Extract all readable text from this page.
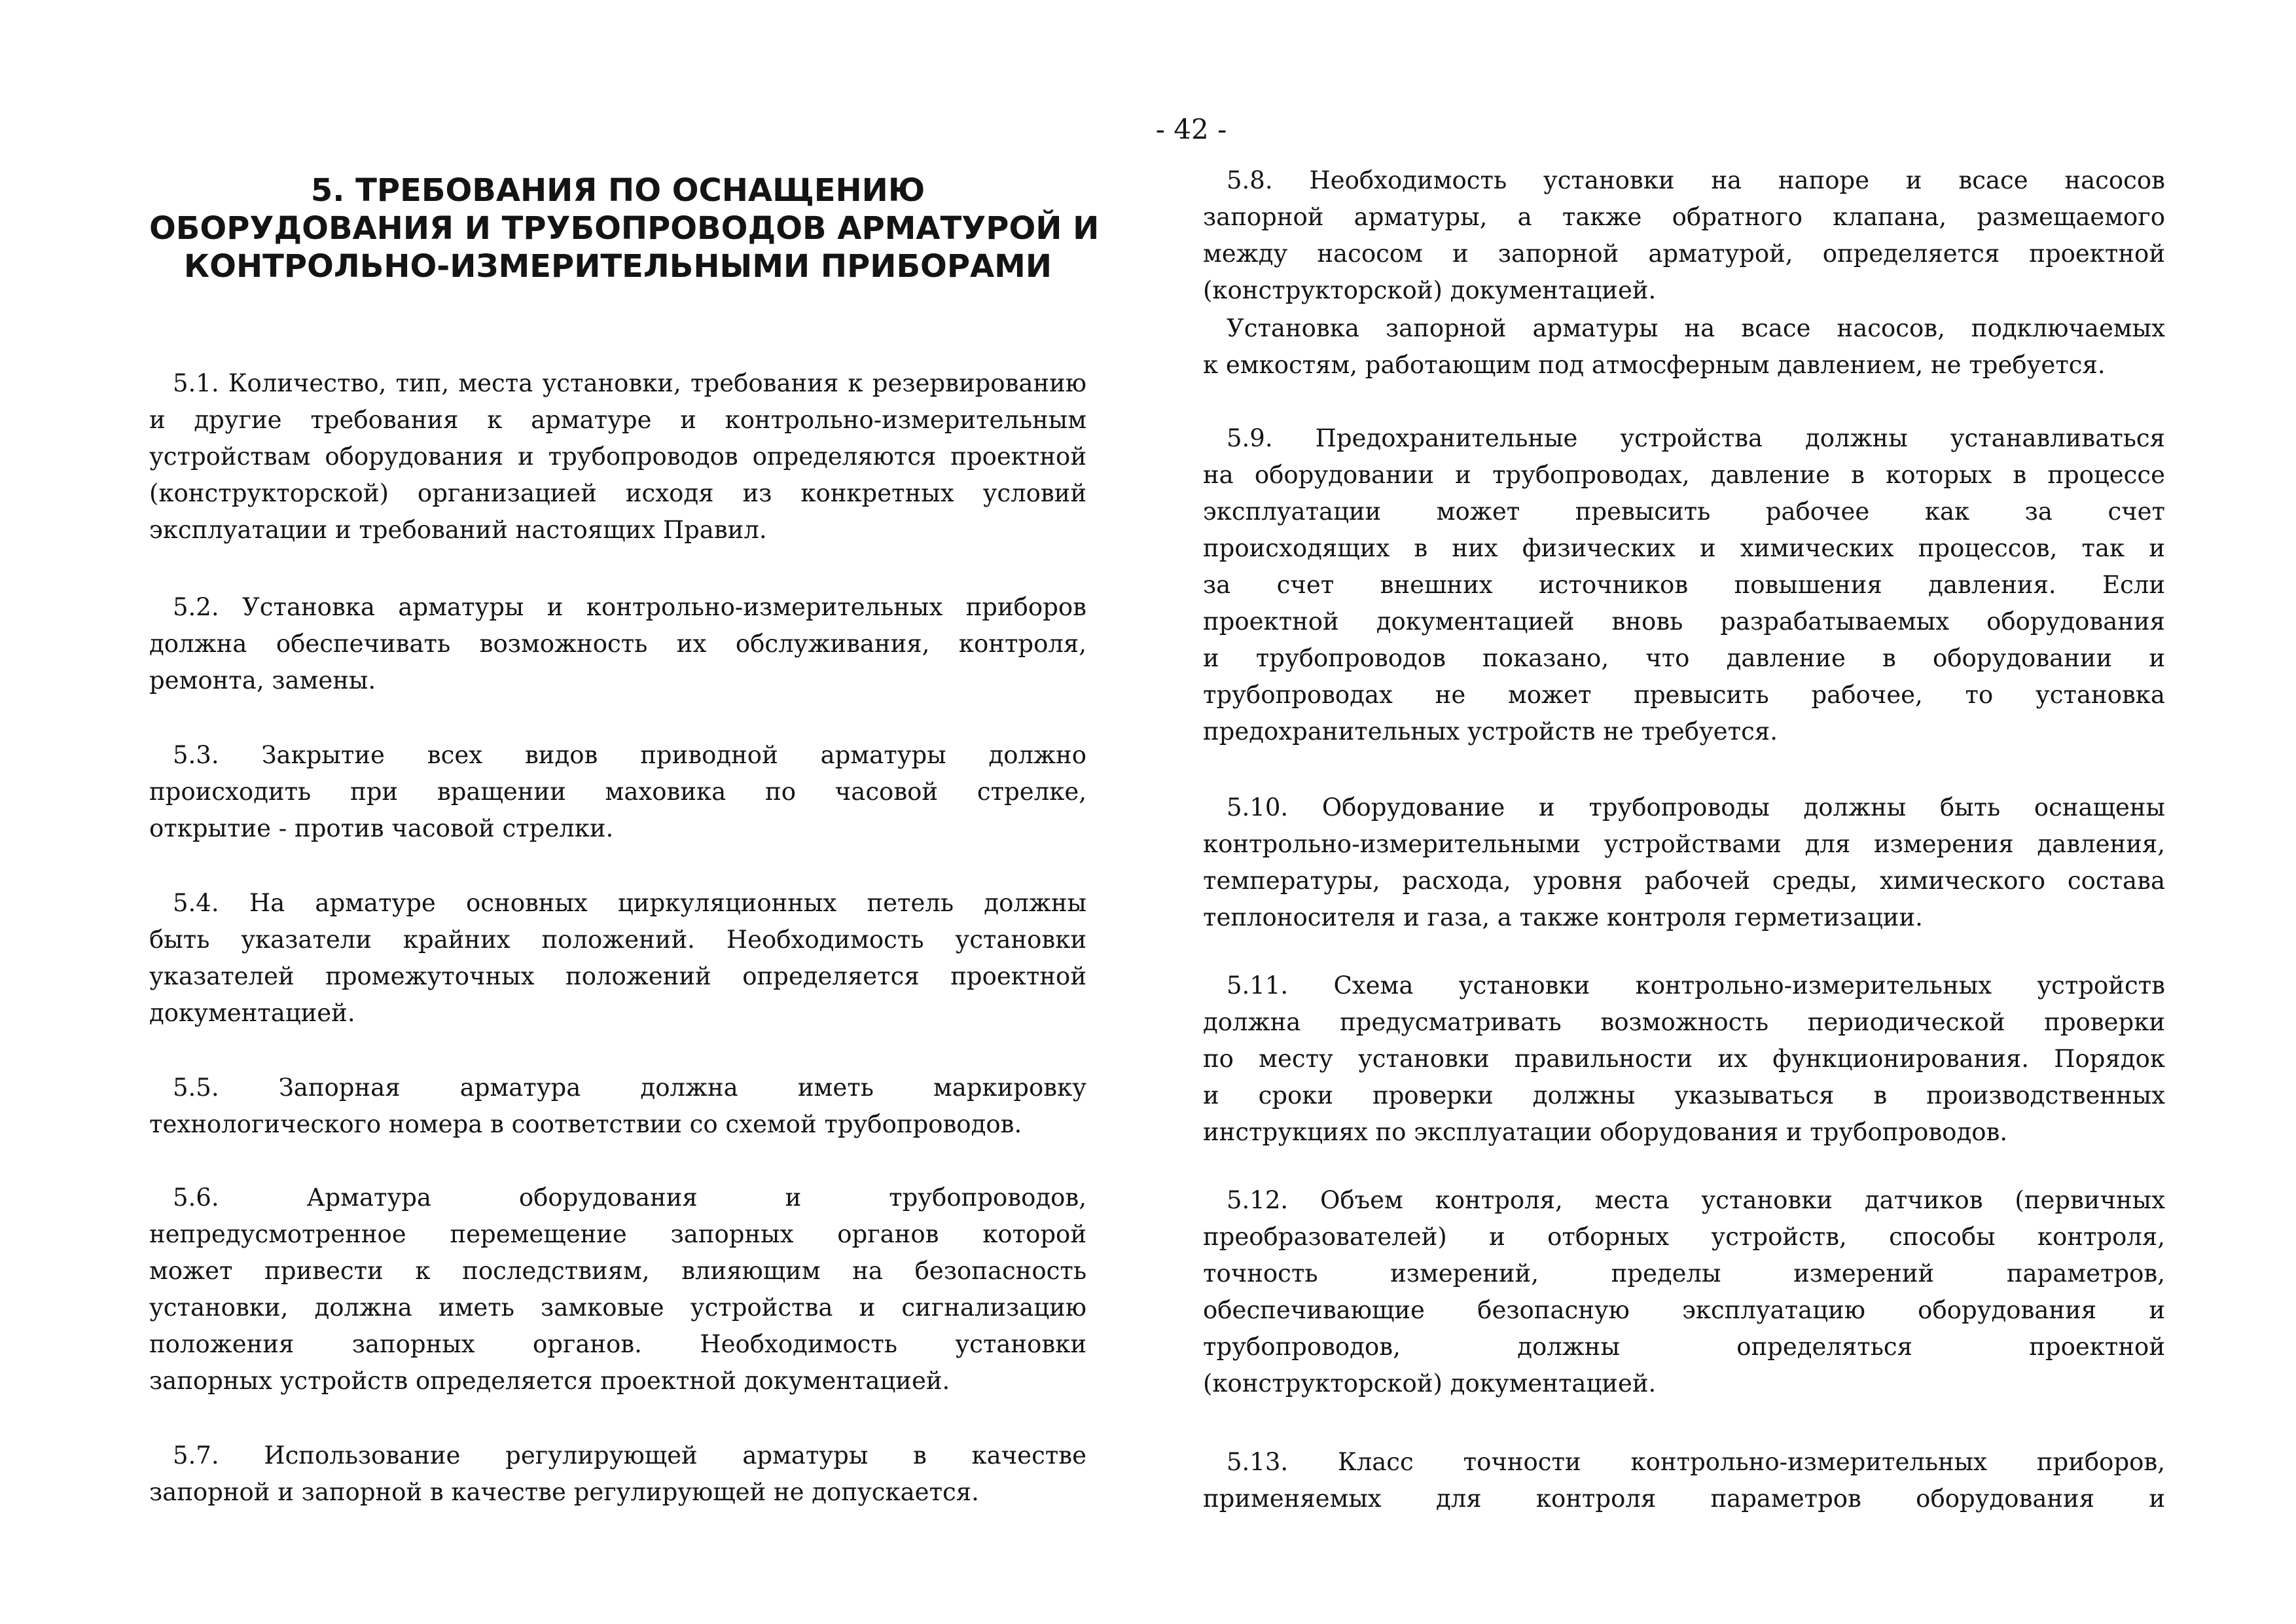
- 42 -
5. ТРЕБОВАНИЯ ПО ОСНАЩЕНИЮ
ОБОРУДОВАНИЯ И ТРУБОПРОВОДОВ АРМАТУРОЙ И
КОНТРОЛЬНО-ИЗМЕРИТЕЛЬНЫМИ ПРИБОРАМИ

5.1. Количество, тип, места установки, требования к резервированию
и другие требования к арматуре и контрольно-измерительным
устройствам оборудования и трубопроводов определяются проектной
(конструкторской) организацией исходя из конкретных условий
эксплуатации и требований настоящих Правил.

5.2. Установка арматуры и контрольно-измерительных приборов
должна обеспечивать возможность их обслуживания, контроля,
ремонта, замены.

5.3. Закрытие всех видов приводной арматуры должно
происходить при вращении маховика по часовой стрелке,
открытие - против часовой стрелки.

5.4. На арматуре основных циркуляционных петель должны
быть указатели крайних положений. Необходимость установки
указателей промежуточных положений определяется проектной
документацией.

5.5. Запорная арматура должна иметь маркировку
технологического номера в соответствии со схемой трубопроводов.

5.6. Арматура оборудования и трубопроводов,
непредусмотренное перемещение запорных органов которой
может привести к последствиям, влияющим на безопасность
установки, должна иметь замковые устройства и сигнализацию
положения запорных органов. Необходимость установки
запорных устройств определяется проектной документацией.

5.7. Использование регулирующей арматуры в качестве
запорной и запорной в качестве регулирующей не допускается.

5.8. Необходимость установки на напоре и всасе насосов
запорной арматуры, а также обратного клапана, размещаемого
между насосом и запорной арматурой, определяется проектной
(конструкторской) документацией.

Установка запорной арматуры на всасе насосов, подключаемых
к емкостям, работающим под атмосферным давлением, не требуется.

5.9. Предохранительные устройства должны устанавливаться
на оборудовании и трубопроводах, давление в которых в процессе
эксплуатации может превысить рабочее как за счет
происходящих в них физических и химических процессов, так и
за счет внешних источников повышения давления. Если
проектной документацией вновь разрабатываемых оборудования
и трубопроводов показано, что давление в оборудовании и
трубопроводах не может превысить рабочее, то установка
предохранительных устройств не требуется.

5.10. Оборудование и трубопроводы должны быть оснащены
контрольно-измерительными устройствами для измерения давления,
температуры, расхода, уровня рабочей среды, химического состава
теплоносителя и газа, а также контроля герметизации.

5.11. Схема установки контрольно-измерительных устройств
должна предусматривать возможность периодической проверки
по месту установки правильности их функционирования. Порядок
и сроки проверки должны указываться в производственных
инструкциях по эксплуатации оборудования и трубопроводов.

5.12. Объем контроля, места установки датчиков (первичных
преобразователей) и отборных устройств, способы контроля,
точность измерений, пределы измерений параметров,
обеспечивающие безопасную эксплуатацию оборудования и
трубопроводов, должны определяться проектной
(конструкторской) документацией.

5.13. Класс точности контрольно-измерительных приборов,
применяемых для контроля параметров оборудования и
